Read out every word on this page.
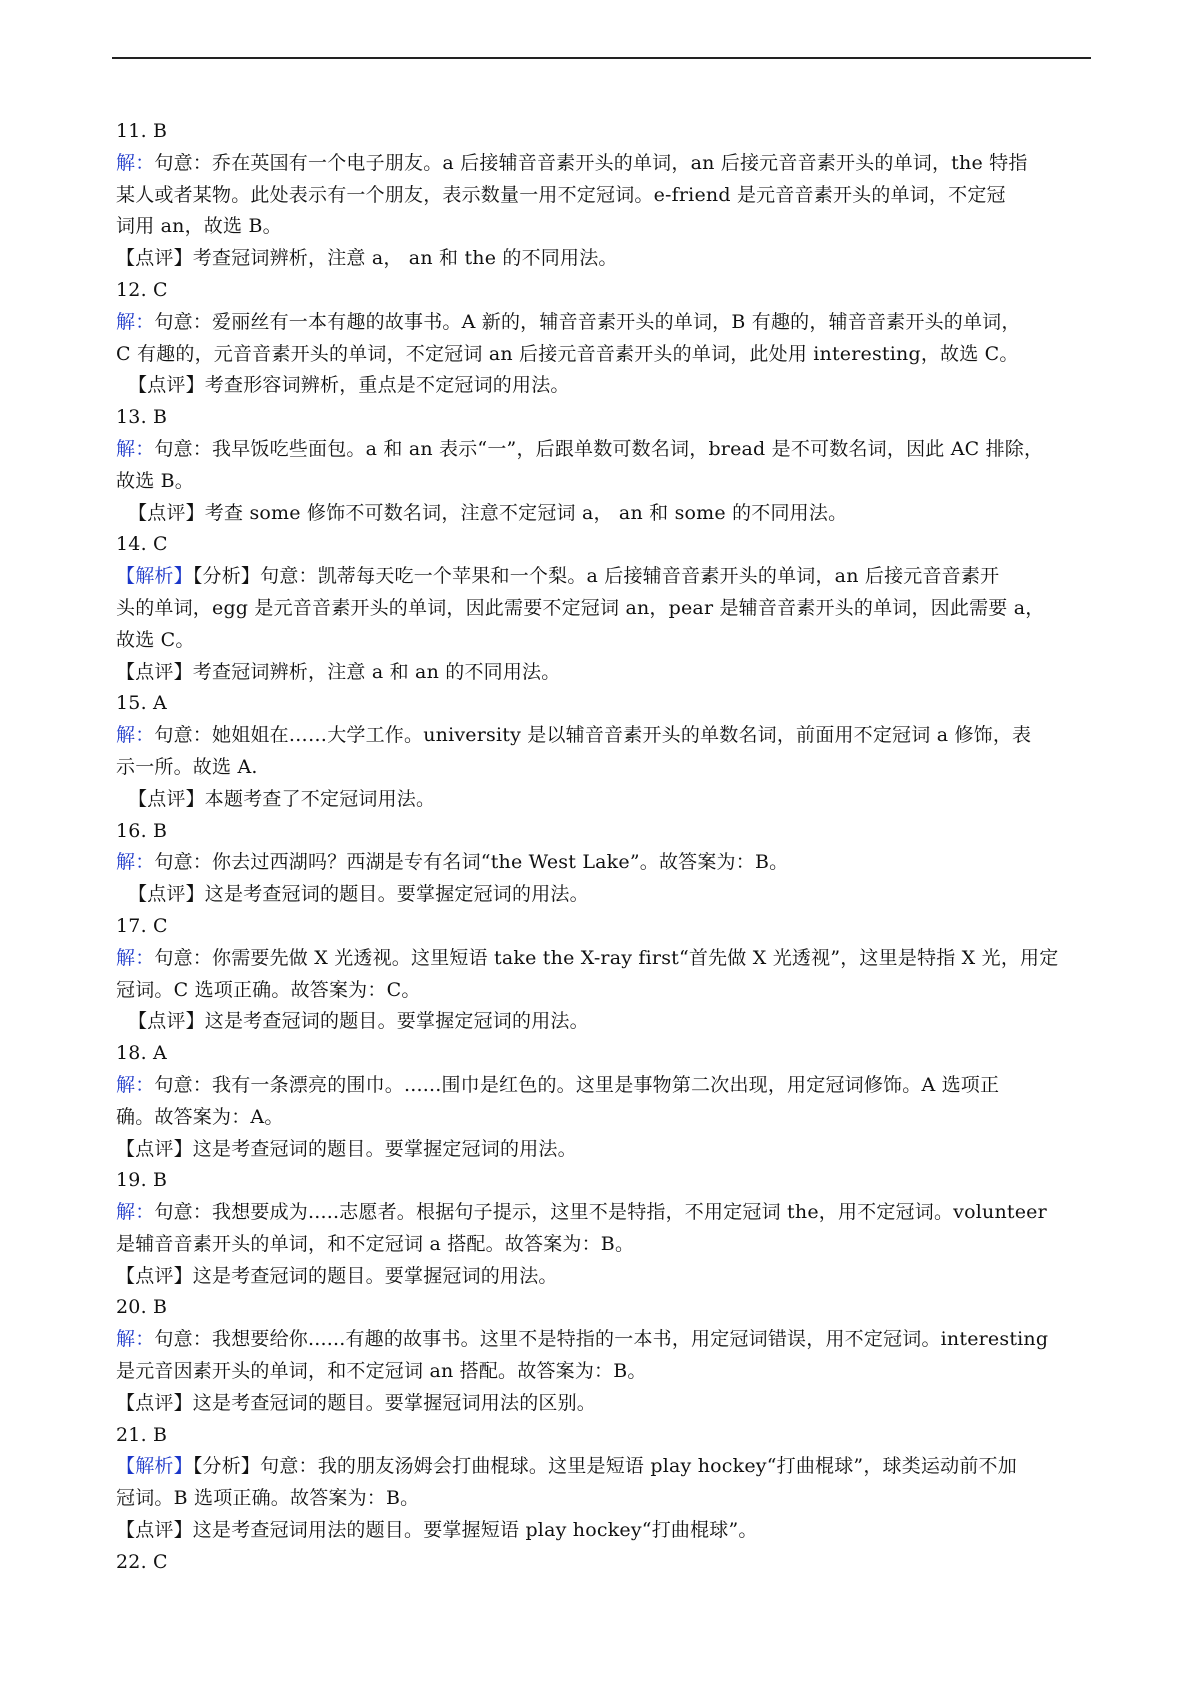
11. B
解：句意：乔在英国有一个电子朋友。a 后接辅音音素开头的单词，an 后接元音音素开头的单词，the 特指
某人或者某物。此处表示有一个朋友，表示数量一用不定冠词。e-friend 是元音音素开头的单词，不定冠
词用 an，故选 B。
【点评】考查冠词辨析，注意 a， an 和 the 的不同用法。
12. C
解：句意：爱丽丝有一本有趣的故事书。A 新的，辅音音素开头的单词，B 有趣的，辅音音素开头的单词，
C 有趣的，元音音素开头的单词，不定冠词 an 后接元音音素开头的单词，此处用 interesting，故选 C。
【点评】考查形容词辨析，重点是不定冠词的用法。
13. B
解：句意：我早饭吃些面包。a 和 an 表示“一”，后跟单数可数名词，bread 是不可数名词，因此 AC 排除，
故选 B。
【点评】考查 some 修饰不可数名词，注意不定冠词 a， an 和 some 的不同用法。
14. C
【解析】【分析】句意：凯蒂每天吃一个苹果和一个梨。a 后接辅音音素开头的单词，an 后接元音音素开
头的单词，egg 是元音音素开头的单词，因此需要不定冠词 an，pear 是辅音音素开头的单词，因此需要 a，
故选 C。
【点评】考查冠词辨析，注意 a 和 an 的不同用法。
15. A
解：句意：她姐姐在……大学工作。university 是以辅音音素开头的单数名词，前面用不定冠词 a 修饰，表
示一所。故选 A.
【点评】本题考查了不定冠词用法。
16. B
解：句意：你去过西湖吗？西湖是专有名词“the West Lake”。故答案为：B。
【点评】这是考查冠词的题目。要掌握定冠词的用法。
17. C
解：句意：你需要先做 X 光透视。这里短语 take the X-ray first“首先做 X 光透视”，这里是特指 X 光，用定
冠词。C 选项正确。故答案为：C。
【点评】这是考查冠词的题目。要掌握定冠词的用法。
18. A
解：句意：我有一条漂亮的围巾。......围巾是红色的。这里是事物第二次出现，用定冠词修饰。A 选项正
确。故答案为：A。
【点评】这是考查冠词的题目。要掌握定冠词的用法。
19. B
解：句意：我想要成为.....志愿者。根据句子提示，这里不是特指，不用定冠词 the，用不定冠词。volunteer
是辅音音素开头的单词，和不定冠词 a 搭配。故答案为：B。
【点评】这是考查冠词的题目。要掌握冠词的用法。
20. B
解：句意：我想要给你......有趣的故事书。这里不是特指的一本书，用定冠词错误，用不定冠词。interesting
是元音因素开头的单词，和不定冠词 an 搭配。故答案为：B。
【点评】这是考查冠词的题目。要掌握冠词用法的区别。
21. B
【解析】【分析】句意：我的朋友汤姆会打曲棍球。这里是短语 play hockey“打曲棍球”，球类运动前不加
冠词。B 选项正确。故答案为：B。
【点评】这是考查冠词用法的题目。要掌握短语 play hockey“打曲棍球”。
22. C
